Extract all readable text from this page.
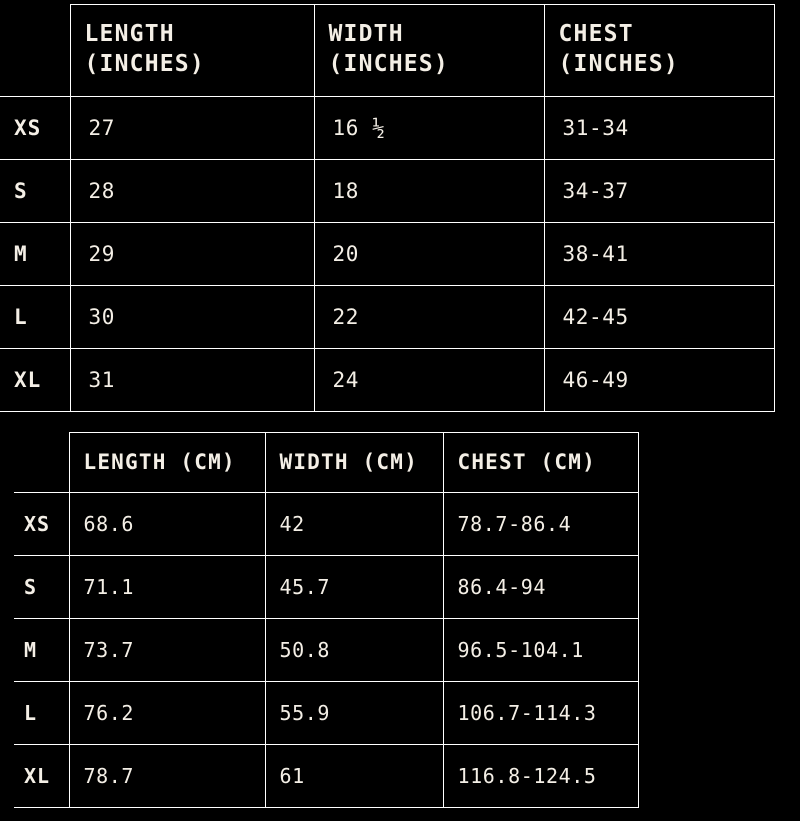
	LENGTH (INCHES)	WIDTH (INCHES)	CHEST (INCHES)
XS	27	16 ½	31-34
S	28	18	34-37
M	29	20	38-41
L	30	22	42-45
XL	31	24	46-49
	LENGTH (CM)	WIDTH (CM)	CHEST (CM)
XS	68.6	42	78.7-86.4
S	71.1	45.7	86.4-94
M	73.7	50.8	96.5-104.1
L	76.2	55.9	106.7-114.3
XL	78.7	61	116.8-124.5
